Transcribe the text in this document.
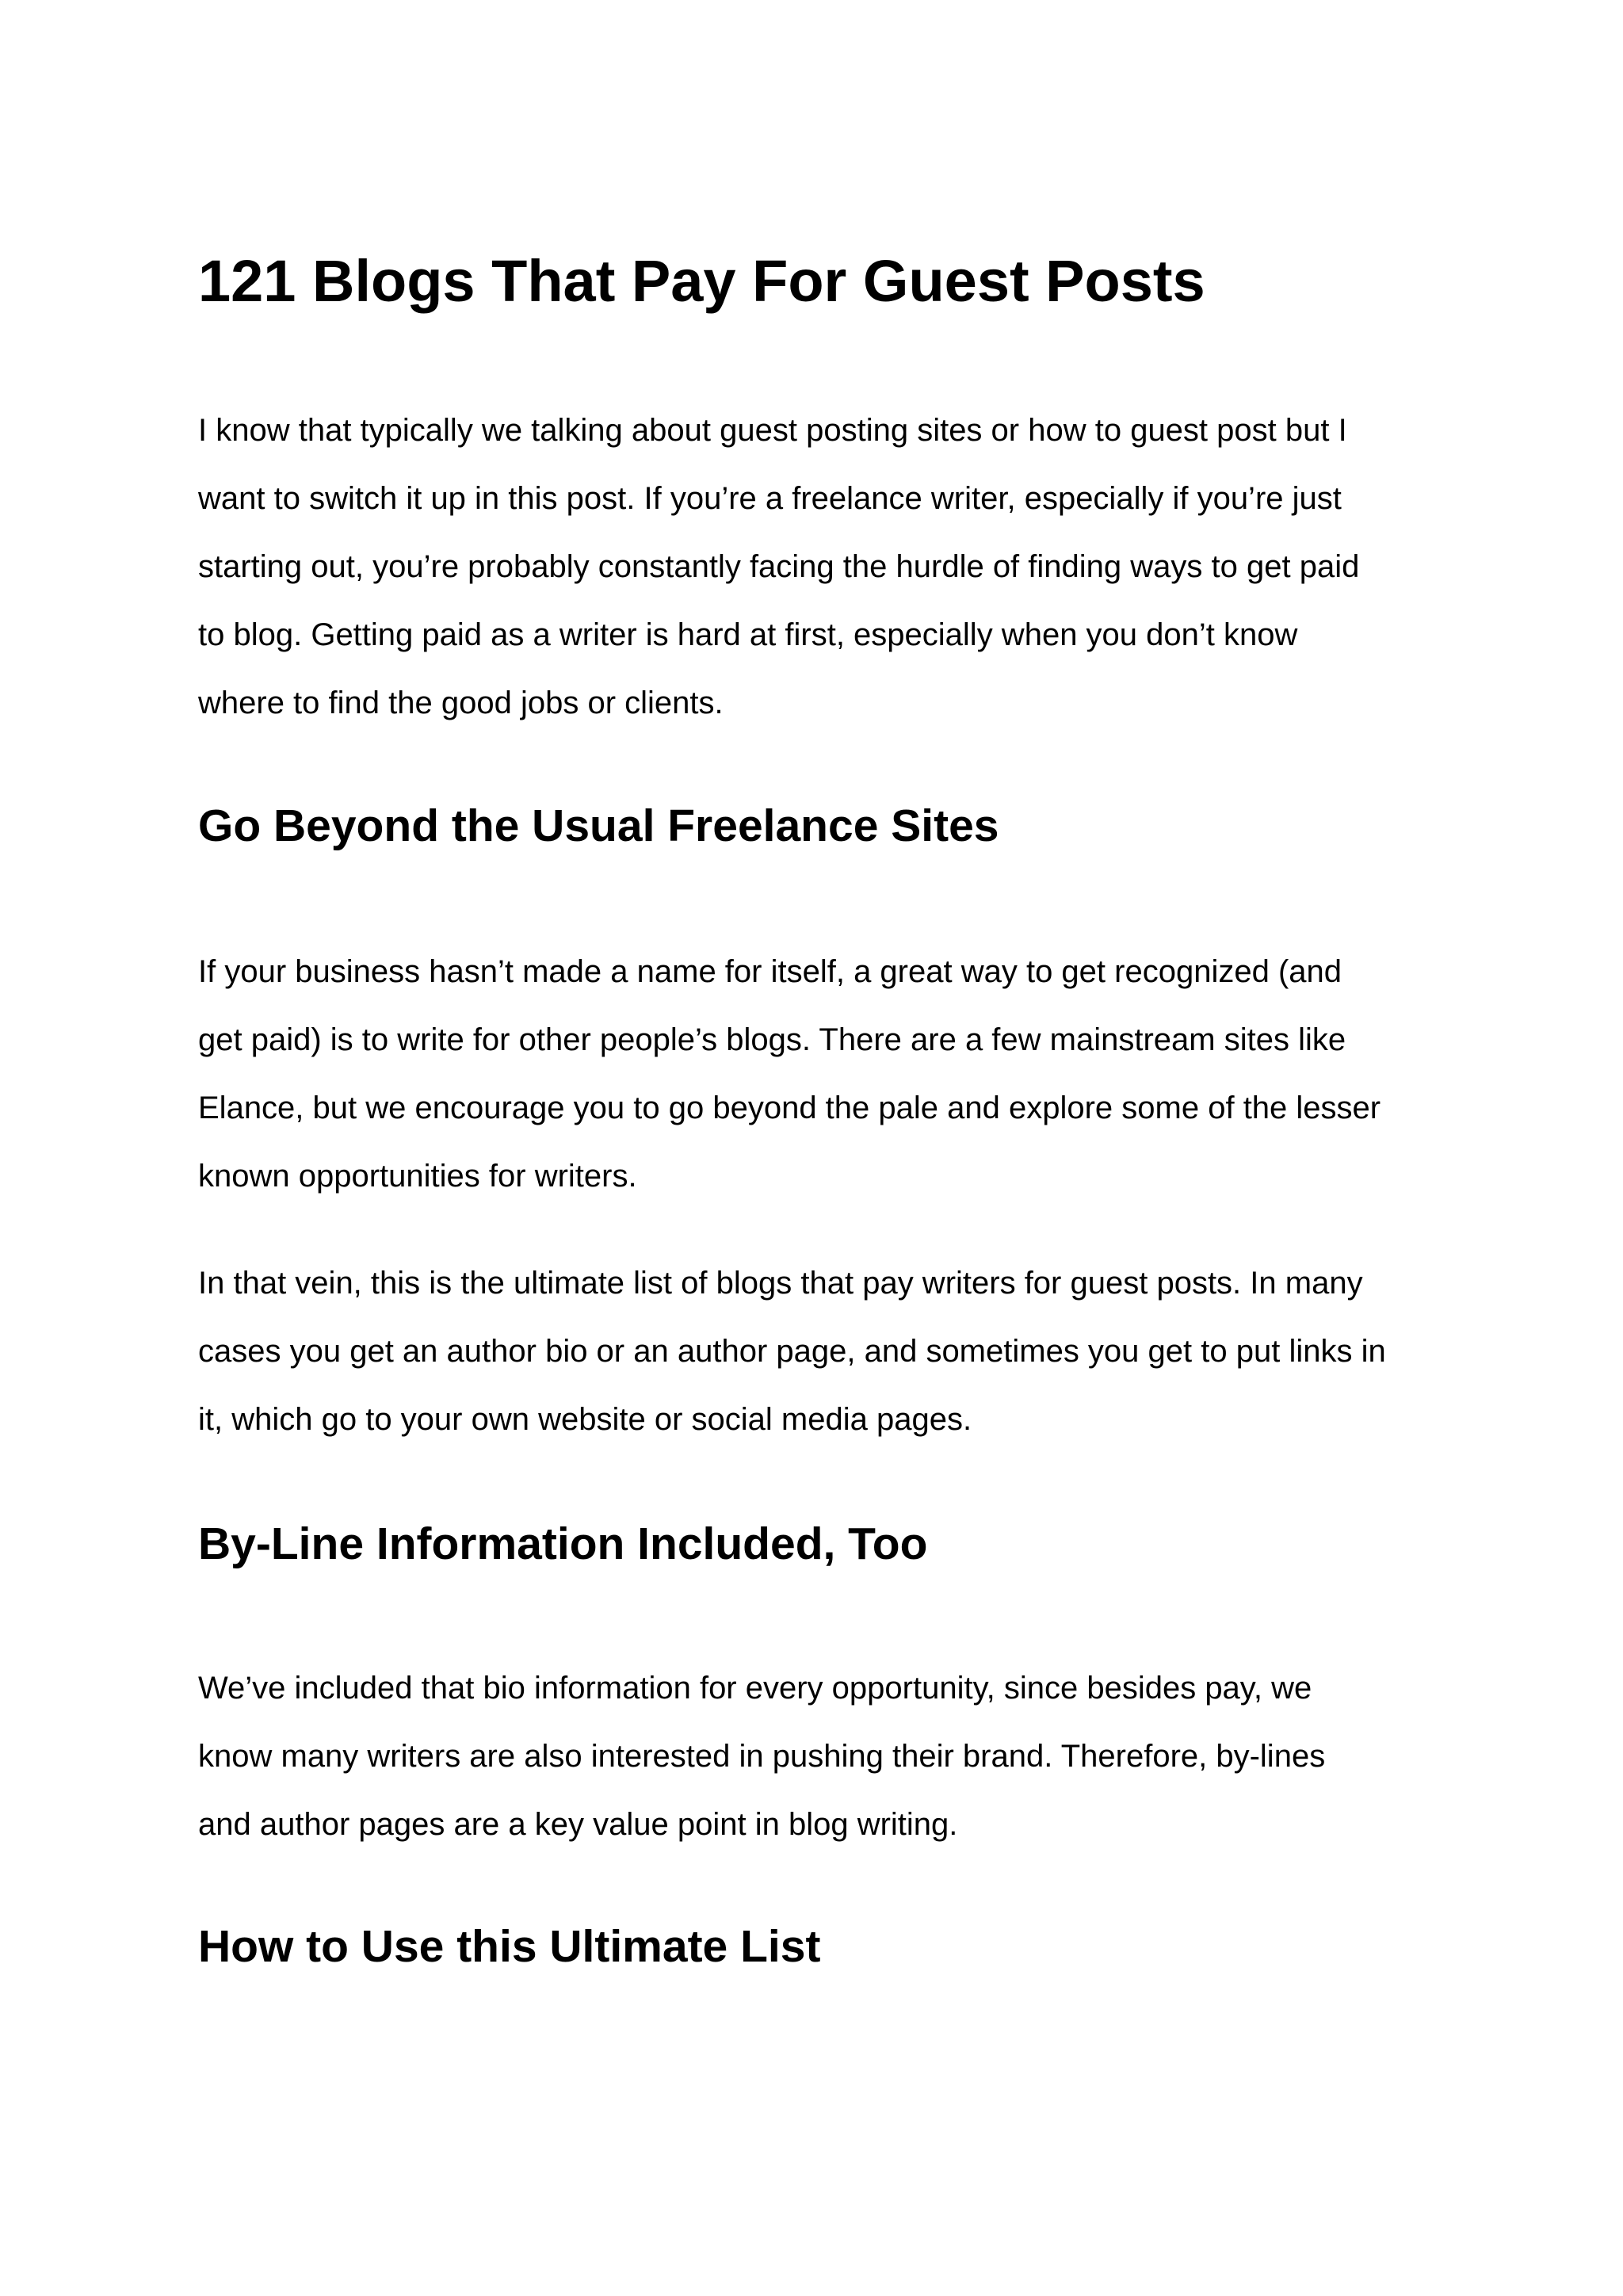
121 Blogs That Pay For Guest Posts

I know that typically we talking about guest posting sites or how to guest post but I
want to switch it up in this post. If you’re a freelance writer, especially if you’re just
starting out, you’re probably constantly facing the hurdle of finding ways to get paid
to blog. Getting paid as a writer is hard at first, especially when you don’t know
where to find the good jobs or clients.

Go Beyond the Usual Freelance Sites

If your business hasn’t made a name for itself, a great way to get recognized (and
get paid) is to write for other people’s blogs. There are a few mainstream sites like
Elance, but we encourage you to go beyond the pale and explore some of the lesser
known opportunities for writers.

In that vein, this is the ultimate list of blogs that pay writers for guest posts. In many
cases you get an author bio or an author page, and sometimes you get to put links in
it, which go to your own website or social media pages.

By-Line Information Included, Too

We’ve included that bio information for every opportunity, since besides pay, we
know many writers are also interested in pushing their brand. Therefore, by-lines
and author pages are a key value point in blog writing.

How to Use this Ultimate List
